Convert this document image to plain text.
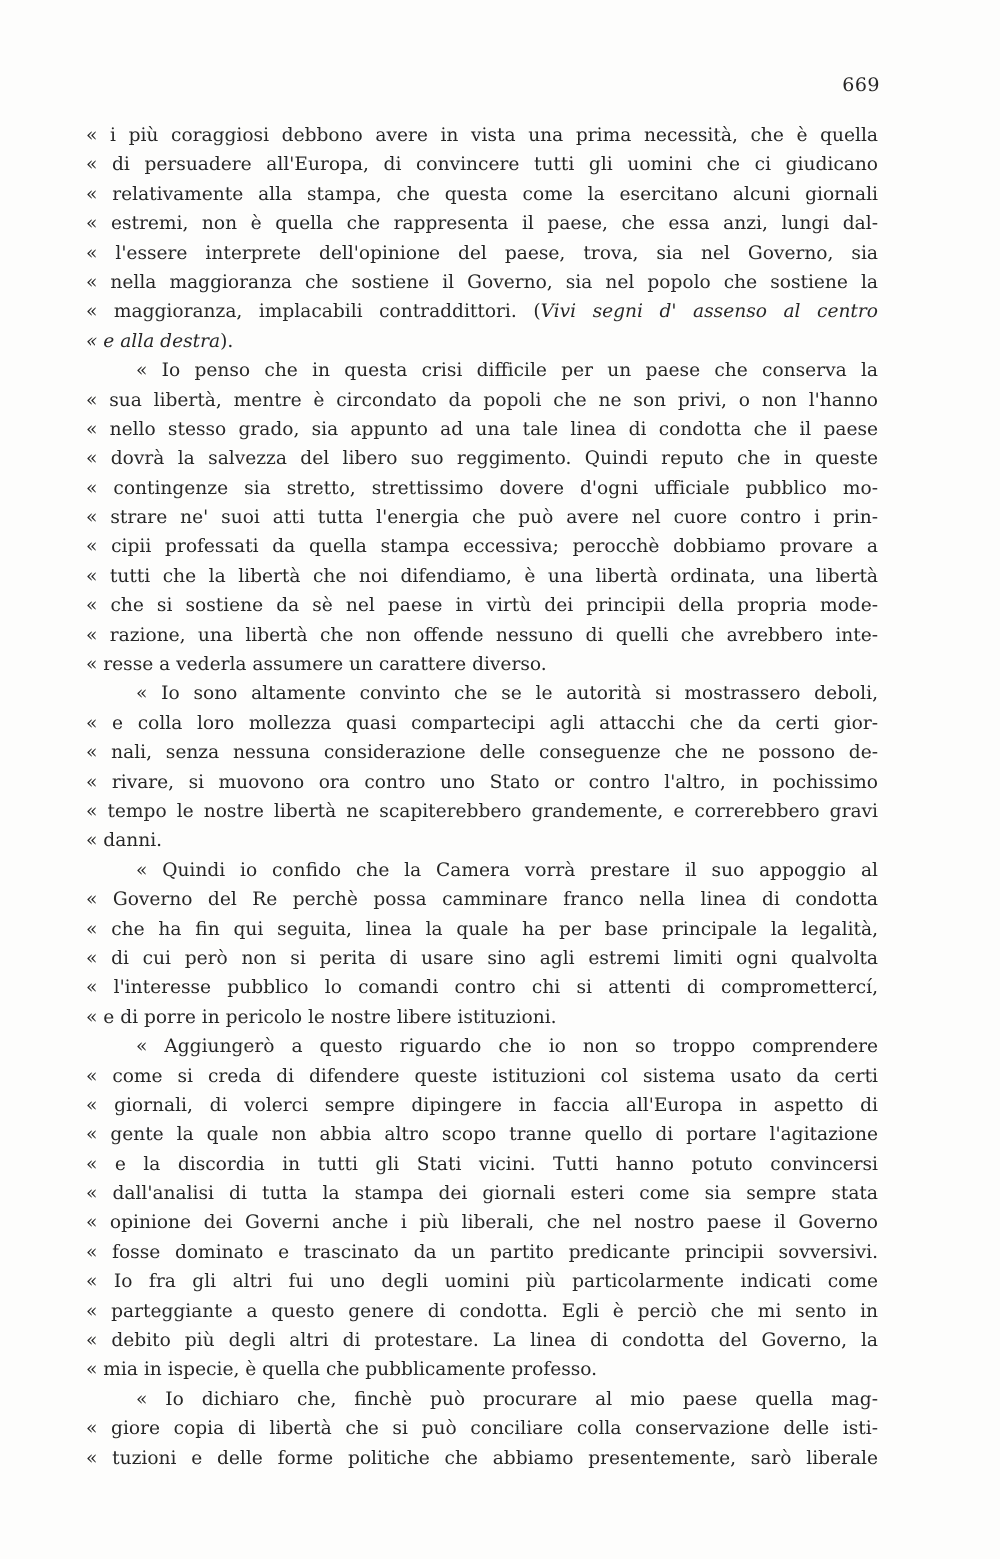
669
« i più coraggiosi debbono avere in vista una prima necessità, che è quella
« di persuadere all'Europa, di convincere tutti gli uomini che ci giudicano
« relativamente alla stampa, che questa come la esercitano alcuni giornali
« estremi, non è quella che rappresenta il paese, che essa anzi, lungi dal-
« l'essere interprete dell'opinione del paese, trova, sia nel Governo, sia
« nella maggioranza che sostiene il Governo, sia nel popolo che sostiene la
« maggioranza, implacabili contraddittori. (Vivi segni d' assenso al centro
« e alla destra).
« Io penso che in questa crisi difficile per un paese che conserva la
« sua libertà, mentre è circondato da popoli che ne son privi, o non l'hanno
« nello stesso grado, sia appunto ad una tale linea di condotta che il paese
« dovrà la salvezza del libero suo reggimento. Quindi reputo che in queste
« contingenze sia stretto, strettissimo dovere d'ogni ufficiale pubblico mo-
« strare ne' suoi atti tutta l'energia che può avere nel cuore contro i prin-
« cipii professati da quella stampa eccessiva; perocchè dobbiamo provare a
« tutti che la libertà che noi difendiamo, è una libertà ordinata, una libertà
« che si sostiene da sè nel paese in virtù dei principii della propria mode-
« razione, una libertà che non offende nessuno di quelli che avrebbero inte-
« resse a vederla assumere un carattere diverso.
« Io sono altamente convinto che se le autorità si mostrassero deboli,
« e colla loro mollezza quasi compartecipi agli attacchi che da certi gior-
« nali, senza nessuna considerazione delle conseguenze che ne possono de-
« rivare, si muovono ora contro uno Stato or contro l'altro, in pochissimo
« tempo le nostre libertà ne scapiterebbero grandemente, e correrebbero gravi
« danni.
« Quindi io confido che la Camera vorrà prestare il suo appoggio al
« Governo del Re perchè possa camminare franco nella linea di condotta
« che ha fin qui seguita, linea la quale ha per base principale la legalità,
« di cui però non si perita di usare sino agli estremi limiti ogni qualvolta
« l'interesse pubblico lo comandi contro chi si attenti di compromettercí,
« e di porre in pericolo le nostre libere istituzioni.
« Aggiungerò a questo riguardo che io non so troppo comprendere
« come si creda di difendere queste istituzioni col sistema usato da certi
« giornali, di volerci sempre dipingere in faccia all'Europa in aspetto di
« gente la quale non abbia altro scopo tranne quello di portare l'agitazione
« e la discordia in tutti gli Stati vicini. Tutti hanno potuto convincersi
« dall'analisi di tutta la stampa dei giornali esteri come sia sempre stata
« opinione dei Governi anche i più liberali, che nel nostro paese il Governo
« fosse dominato e trascinato da un partito predicante principii sovversivi.
« Io fra gli altri fui uno degli uomini più particolarmente indicati come
« parteggiante a questo genere di condotta. Egli è perciò che mi sento in
« debito più degli altri di protestare. La linea di condotta del Governo, la
« mia in ispecie, è quella che pubblicamente professo.
« Io dichiaro che, finchè può procurare al mio paese quella mag-
« giore copia di libertà che si può conciliare colla conservazione delle isti-
« tuzioni e delle forme politiche che abbiamo presentemente, sarò liberale
